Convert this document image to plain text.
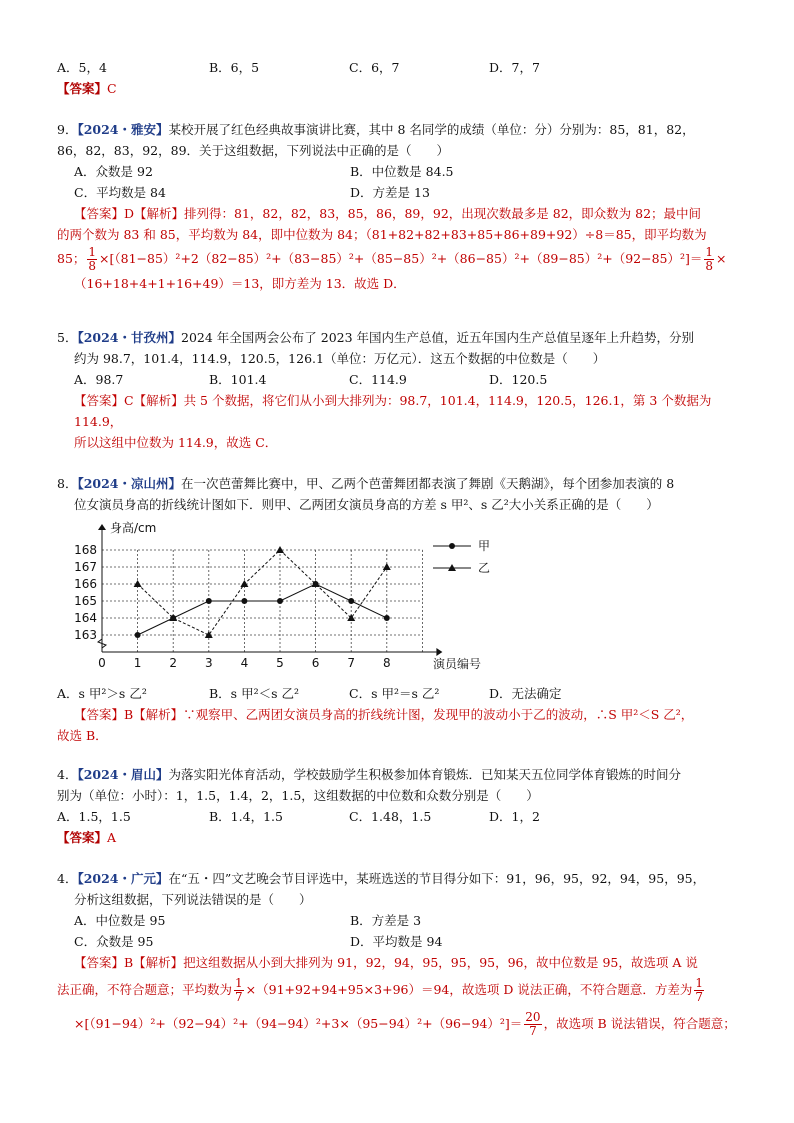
A．5，4	B．6，5	C．6，7	D．7，7
【答案】C
9．【2024・雅安】某校开展了红色经典故事演讲比赛，其中 8 名同学的成绩（单位：分）分别为：85，81，82，
86，82，83，92，89．关于这组数据，下列说法中正确的是（　　）
A．众数是 92	B．中位数是 84.5
C．平均数是 84	D．方差是 13
【答案】D【解析】排列得：81，82，82，83，85，86，89，92，出现次数最多是 82，即众数为 82；最中间
的两个数为 83 和 85，平均数为 84，即中位数为 84；（81+82+82+83+85+86+89+92）÷8＝85，即平均数为
85； $\frac{1}{8} \times[(81-85)^2+2(82-85)^2+(83-85)^2+(85-85)^2+(86-85)^2+(89-85)^2+(92-85)^2]= \frac{1}{8}$ ×
（16+18+4+1+16+49）＝13，即方差为 13．故选 D．
5．【2024・甘孜州】2024 年全国两会公布了 2023 年国内生产总值，近五年国内生产总值呈逐年上升趋势，分别
约为 98.7，101.4，114.9，120.5，126.1（单位：万亿元）．这五个数据的中位数是（　　）
A．98.7	B．101.4	C．114.9	D．120.5
【答案】C【解析】共 5 个数据，将它们从小到大排列为：98.7，101.4，114.9，120.5，126.1，第 3 个数据为
114.9，
所以这组中位数为 114.9，故选 C．
8．【2024・凉山州】在一次芭蕾舞比赛中，甲、乙两个芭蕾舞团都表演了舞剧《天鹅湖》，每个团参加表演的 8
位女演员身高的折线统计图如下．则甲、乙两团女演员身高的方差 s 甲²、s 乙²大小关系正确的是（　　）
身高/cm
演员编号
163
164
165
166
167
168
0 1 2 3 4 5 6 7 8
甲
乙
A．s 甲²＞s 乙²	B．s 甲²＜s 乙²	C．s 甲²＝s 乙²	D．无法确定
【答案】B【解析】∵观察甲、乙两团女演员身高的折线统计图，发现甲的波动小于乙的波动，∴S 甲²＜S 乙²，
故选 B．
4．【2024・眉山】为落实阳光体育活动，学校鼓励学生积极参加体育锻炼．已知某天五位同学体育锻炼的时间分
别为（单位：小时）：1，1.5，1.4，2，1.5，这组数据的中位数和众数分别是（　　）
A．1.5，1.5	B．1.4，1.5	C．1.48，1.5	D．1，2
【答案】A
4．【2024・广元】在“五・四”文艺晚会节目评选中，某班选送的节目得分如下：91，96，95，92，94，95，95，
分析这组数据，下列说法错误的是（　　）
A．中位数是 95	B．方差是 3
C．众数是 95	D．平均数是 94
【答案】B【解析】把这组数据从小到大排列为 91，92，94，95，95，95，96，故中位数是 95，故选项 A 说
法正确，不符合题意；平均数为 $\frac{1}{7} \times(91+92+94+95\times 3+96)=94$，故选项 D 说法正确，不符合题意．方差为 $\frac{1}{7}$
$\times[(91-94)^2+(92-94)^2+(94-94)^2+3\times(95-94)^2+(96-94)^2]= \frac{20}{7}$ ，故选项 B 说法错误，符合题意；
